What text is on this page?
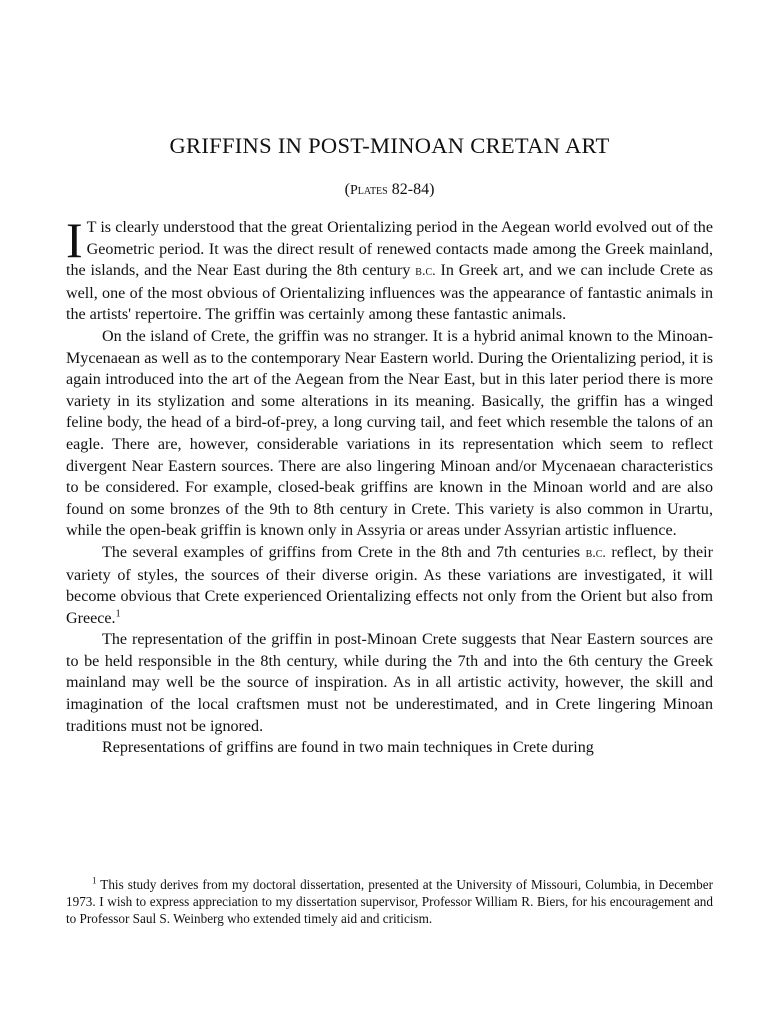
GRIFFINS IN POST-MINOAN CRETAN ART

(Plates 82-84)

I T is clearly understood that the great Orientalizing period in the Aegean world evolved out of the Geometric period. It was the direct result of renewed contacts made among the Greek mainland, the islands, and the Near East during the 8th century b.c. In Greek art, and we can include Crete as well, one of the most obvious of Orientalizing influences was the appearance of fantastic animals in the artists' repertoire. The griffin was certainly among these fantastic animals.

On the island of Crete, the griffin was no stranger. It is a hybrid animal known to the Minoan-Mycenaean as well as to the contemporary Near Eastern world. During the Orientalizing period, it is again introduced into the art of the Aegean from the Near East, but in this later period there is more variety in its stylization and some alterations in its meaning. Basically, the griffin has a winged feline body, the head of a bird-of-prey, a long curving tail, and feet which resemble the talons of an eagle. There are, however, considerable variations in its representation which seem to reflect divergent Near Eastern sources. There are also lingering Minoan and/or Mycenaean characteristics to be considered. For example, closed-beak griffins are known in the Minoan world and are also found on some bronzes of the 9th to 8th century in Crete. This variety is also common in Urartu, while the open-beak griffin is known only in Assyria or areas under Assyrian artistic influence.

The several examples of griffins from Crete in the 8th and 7th centuries b.c. reflect, by their variety of styles, the sources of their diverse origin. As these variations are investigated, it will become obvious that Crete experienced Orientalizing effects not only from the Orient but also from Greece.$^1$

The representation of the griffin in post-Minoan Crete suggests that Near Eastern sources are to be held responsible in the 8th century, while during the 7th and into the 6th century the Greek mainland may well be the source of inspiration. As in all artistic activity, however, the skill and imagination of the local craftsmen must not be underestimated, and in Crete lingering Minoan traditions must not be ignored.

Representations of griffins are found in two main techniques in Crete during

$^1$ This study derives from my doctoral dissertation, presented at the University of Missouri, Columbia, in December 1973. I wish to express appreciation to my dissertation supervisor, Professor William R. Biers, for his encouragement and to Professor Saul S. Weinberg who extended timely aid and criticism.
